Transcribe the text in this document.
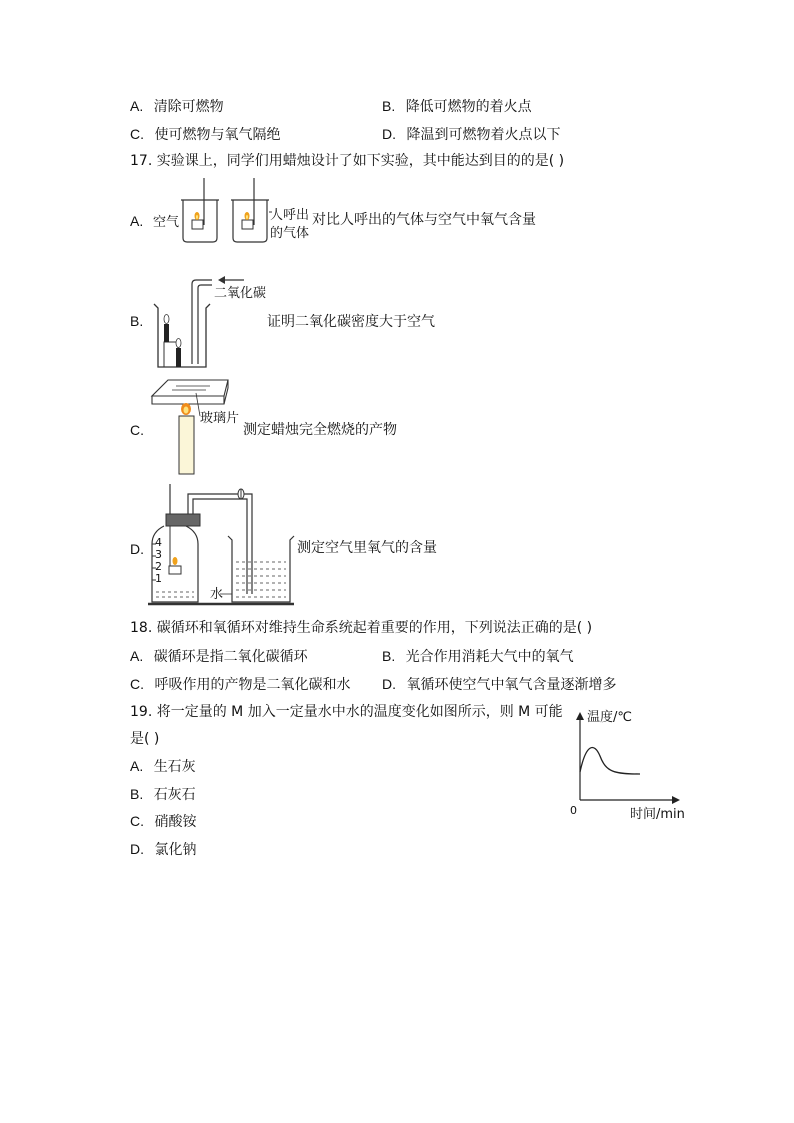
A. 清除可燃物	B. 降低可燃物的着火点
C. 使可燃物与氧气隔绝	D. 降温到可燃物着火点以下
17. 实验课上，同学们用蜡烛设计了如下实验，其中能达到目的的是( )
A. 空气	人呼出
的气体
对比人呼出的气体与空气中氧气含量
B.
二氧化碳
证明二氧化碳密度大于空气
C.
玻璃片
测定蜡烛完全燃烧的产物
D. 4
3
2
1
水
测定空气里氧气的含量
18. 碳循环和氧循环对维持生命系统起着重要的作用，下列说法正确的是( )
A. 碳循环是指二氧化碳循环	B. 光合作用消耗大气中的氧气
C. 呼吸作用的产物是二氧化碳和水 D. 氧循环使空气中氧气含量逐渐增多
19. 将一定量的 M 加入一定量水中水的温度变化如图所示，则 M 可能
是( )
A. 生石灰
B. 石灰石
C. 硝酸铵
D. 氯化钠
温度/℃
0	时间/min
